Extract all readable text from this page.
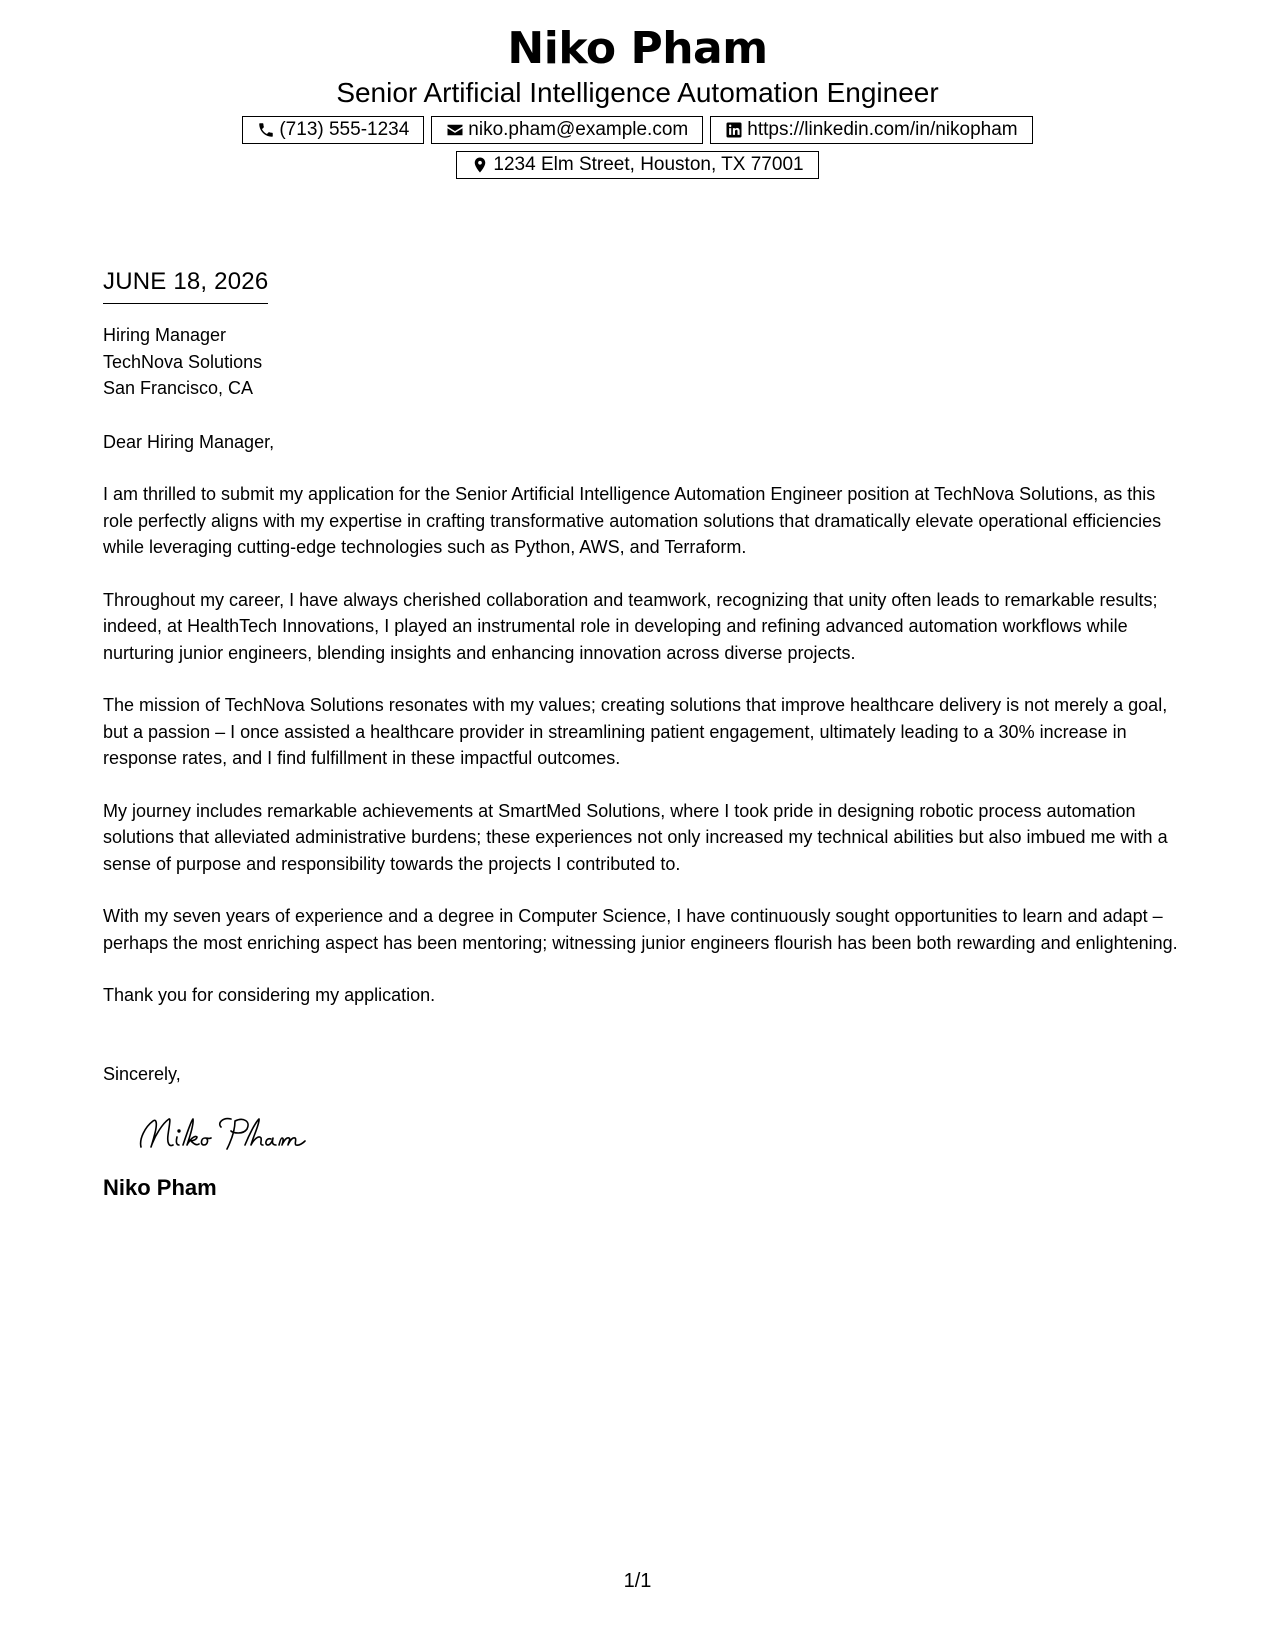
Niko Pham
Senior Artificial Intelligence Automation Engineer
(713) 555-1234	niko.pham@example.com	https://linkedin.com/in/nikopham
1234 Elm Street, Houston, TX 77001
JUNE 18, 2026
Hiring Manager
TechNova Solutions
San Francisco, CA
Dear Hiring Manager,
I am thrilled to submit my application for the Senior Artificial Intelligence Automation Engineer position at TechNova Solutions, as this role perfectly aligns with my expertise in crafting transformative automation solutions that dramatically elevate operational efficiencies while leveraging cutting-edge technologies such as Python, AWS, and Terraform.
Throughout my career, I have always cherished collaboration and teamwork, recognizing that unity often leads to remarkable results; indeed, at HealthTech Innovations, I played an instrumental role in developing and refining advanced automation workflows while nurturing junior engineers, blending insights and enhancing innovation across diverse projects.
The mission of TechNova Solutions resonates with my values; creating solutions that improve healthcare delivery is not merely a goal, but a passion – I once assisted a healthcare provider in streamlining patient engagement, ultimately leading to a 30% increase in response rates, and I find fulfillment in these impactful outcomes.
My journey includes remarkable achievements at SmartMed Solutions, where I took pride in designing robotic process automation solutions that alleviated administrative burdens; these experiences not only increased my technical abilities but also imbued me with a sense of purpose and responsibility towards the projects I contributed to.
With my seven years of experience and a degree in Computer Science, I have continuously sought opportunities to learn and adapt – perhaps the most enriching aspect has been mentoring; witnessing junior engineers flourish has been both rewarding and enlightening.
Thank you for considering my application.
Sincerely,
Niko Pham
1/1
